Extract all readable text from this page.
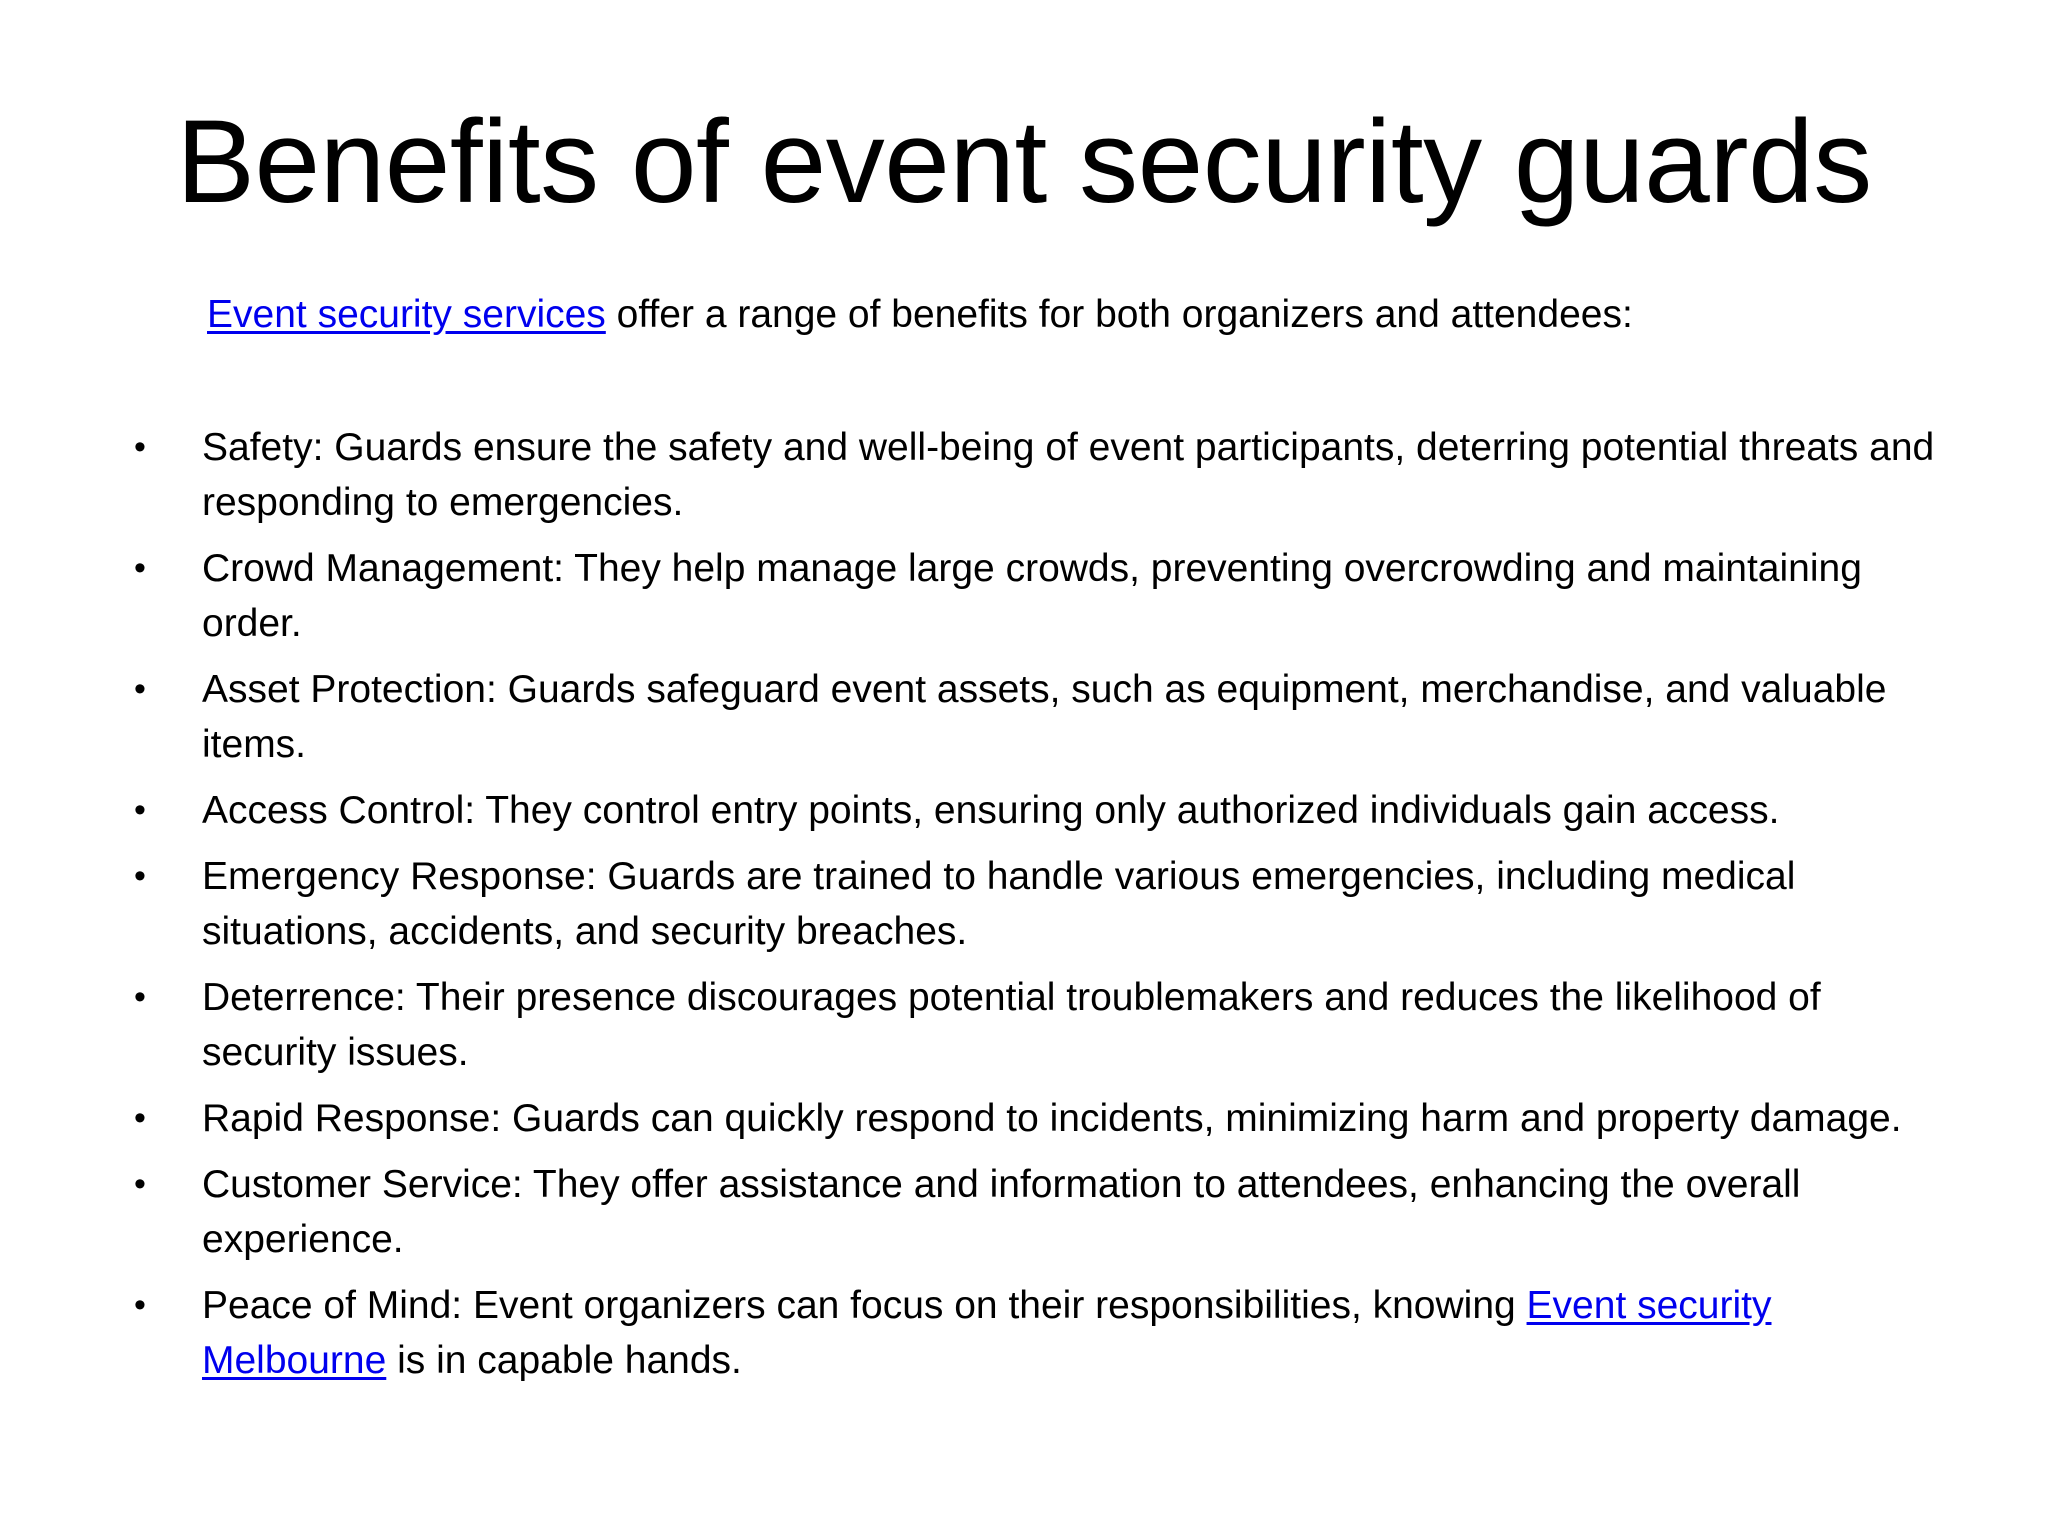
Benefits of event security guards
Event security services offer a range of benefits for both organizers and attendees:
• Safety: Guards ensure the safety and well-being of event participants, deterring potential threats and responding to emergencies.
• Crowd Management: They help manage large crowds, preventing overcrowding and maintaining order.
• Asset Protection: Guards safeguard event assets, such as equipment, merchandise, and valuable items.
• Access Control: They control entry points, ensuring only authorized individuals gain access.
• Emergency Response: Guards are trained to handle various emergencies, including medical situations, accidents, and security breaches.
• Deterrence: Their presence discourages potential troublemakers and reduces the likelihood of security issues.
• Rapid Response: Guards can quickly respond to incidents, minimizing harm and property damage.
• Customer Service: They offer assistance and information to attendees, enhancing the overall experience.
• Peace of Mind: Event organizers can focus on their responsibilities, knowing Event security Melbourne is in capable hands.
